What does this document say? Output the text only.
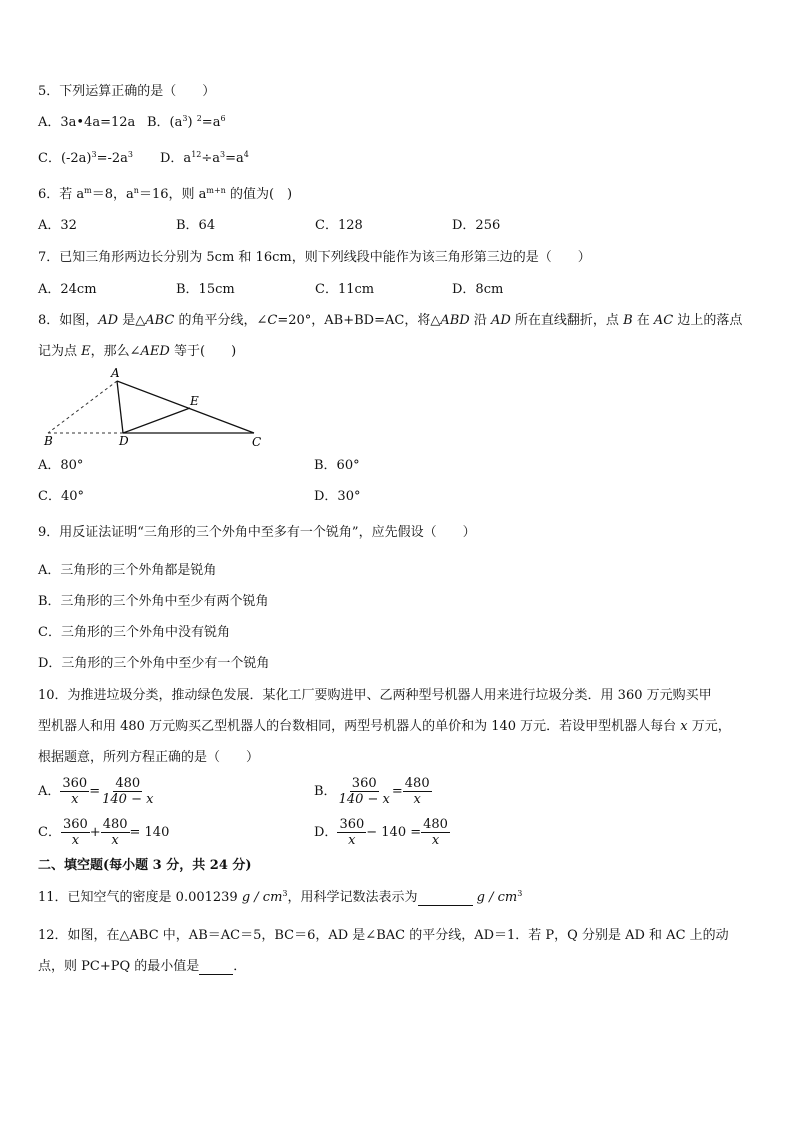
5．下列运算正确的是（　　）
A．3a•4a=12a B．$(a^3)$ $^2=a^6$
C．$(-2a)^3=-2a^3$ D．$a^{12}\div a^3=a^4$
6．若 $a^m=8$，$a^n=16$，则 $a^{m+n}$ 的值为(　)
A．32	B．64	C．128	D．256
7．已知三角形两边长分别为 5cm 和 16cm，则下列线段中能作为该三角形第三边的是（　　）
A．24cm	B．15cm	C．11cm	D．8cm
8．如图，AD 是△ABC 的角平分线，∠C=20°，AB+BD=AC，将△ABD 沿 AD 所在直线翻折，点 B 在 AC 边上的落点
记为点 E，那么∠AED 等于(　　)
A
B	C
D
E
A．80°	B．60°
C．40°	D．30°
9．用反证法证明“三角形的三个外角中至多有一个锐角”，应先假设（　　）
A．三角形的三个外角都是锐角
B．三角形的三个外角中至少有两个锐角
C．三角形的三个外角中没有锐角
D．三角形的三个外角中至少有一个锐角
10．为推进垃圾分类，推动绿色发展．某化工厂要购进甲、乙两种型号机器人用来进行垃圾分类．用 360 万元购买甲
型机器人和用 480 万元购买乙型机器人的台数相同，两型号机器人的单价和为 140 万元．若设甲型机器人每台 x 万元，
根据题意，所列方程正确的是（　　）
A． $\frac{360}{x} = \frac{480}{140 - x}$	B． $\frac{360}{140 - x} = \frac{480}{x}$
C． $\frac{360}{x} + \frac{480}{x} = 140$	D． $\frac{360}{x} - 140 = \frac{480}{x}$
二、填空题(每小题 3 分，共 24 分)
11．已知空气的密度是 0.001239 g / $cm^3$，用科学记数法表示为	g / $cm^3$
12．如图，在△ABC 中，AB＝AC＝5，BC＝6，AD 是∠BAC 的平分线，AD＝1．若 P，Q 分别是 AD 和 AC 上的动
点，则 PC+PQ 的最小值是	．
